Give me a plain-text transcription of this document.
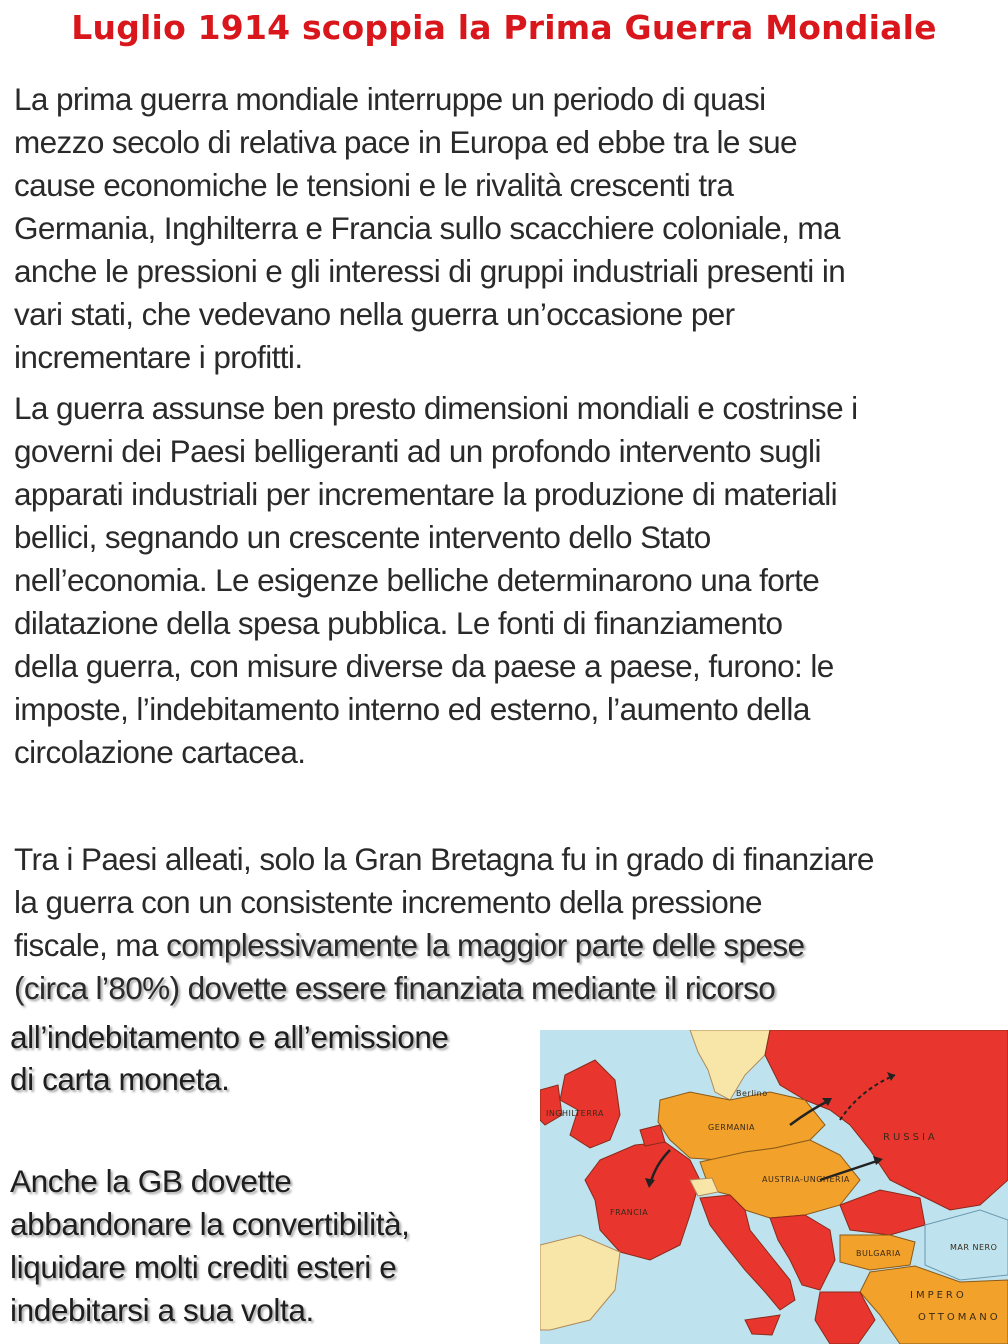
Luglio 1914 scoppia la Prima Guerra Mondiale
La prima guerra mondiale interruppe un periodo di quasi
mezzo secolo di relativa pace in Europa ed ebbe tra le sue
cause economiche le tensioni e le rivalità crescenti tra
Germania, Inghilterra e Francia sullo scacchiere coloniale, ma
anche le pressioni e gli interessi di gruppi industriali presenti in
vari stati, che vedevano nella guerra un’occasione per
incrementare i profitti.
La guerra assunse ben presto dimensioni mondiali e costrinse i
governi dei Paesi belligeranti ad un profondo intervento sugli
apparati industriali per incrementare la produzione di materiali
bellici, segnando un crescente intervento dello Stato
nell’economia. Le esigenze belliche determinarono una forte
dilatazione della spesa pubblica. Le fonti di finanziamento
della guerra, con misure diverse da paese a paese, furono: le
imposte, l’indebitamento interno ed esterno, l’aumento della
circolazione cartacea.
Tra i Paesi alleati, solo la Gran Bretagna fu in grado di finanziare
la guerra con un consistente incremento della pressione
fiscale, ma complessivamente la maggior parte delle spese
(circa l’80%) dovette essere finanziata mediante il ricorso
all’indebitamento e all’emissione
di carta moneta.
Anche la GB dovette
abbandonare la convertibilità,
liquidare molti crediti esteri e
indebitarsi a sua volta.
RUSSIA
GERMANIA
Berlino
AUSTRIA-UNGHERIA
FRANCIA
INGHILTERRA
MAR NERO
BULGARIA
IMPERO
OTTOMANO
